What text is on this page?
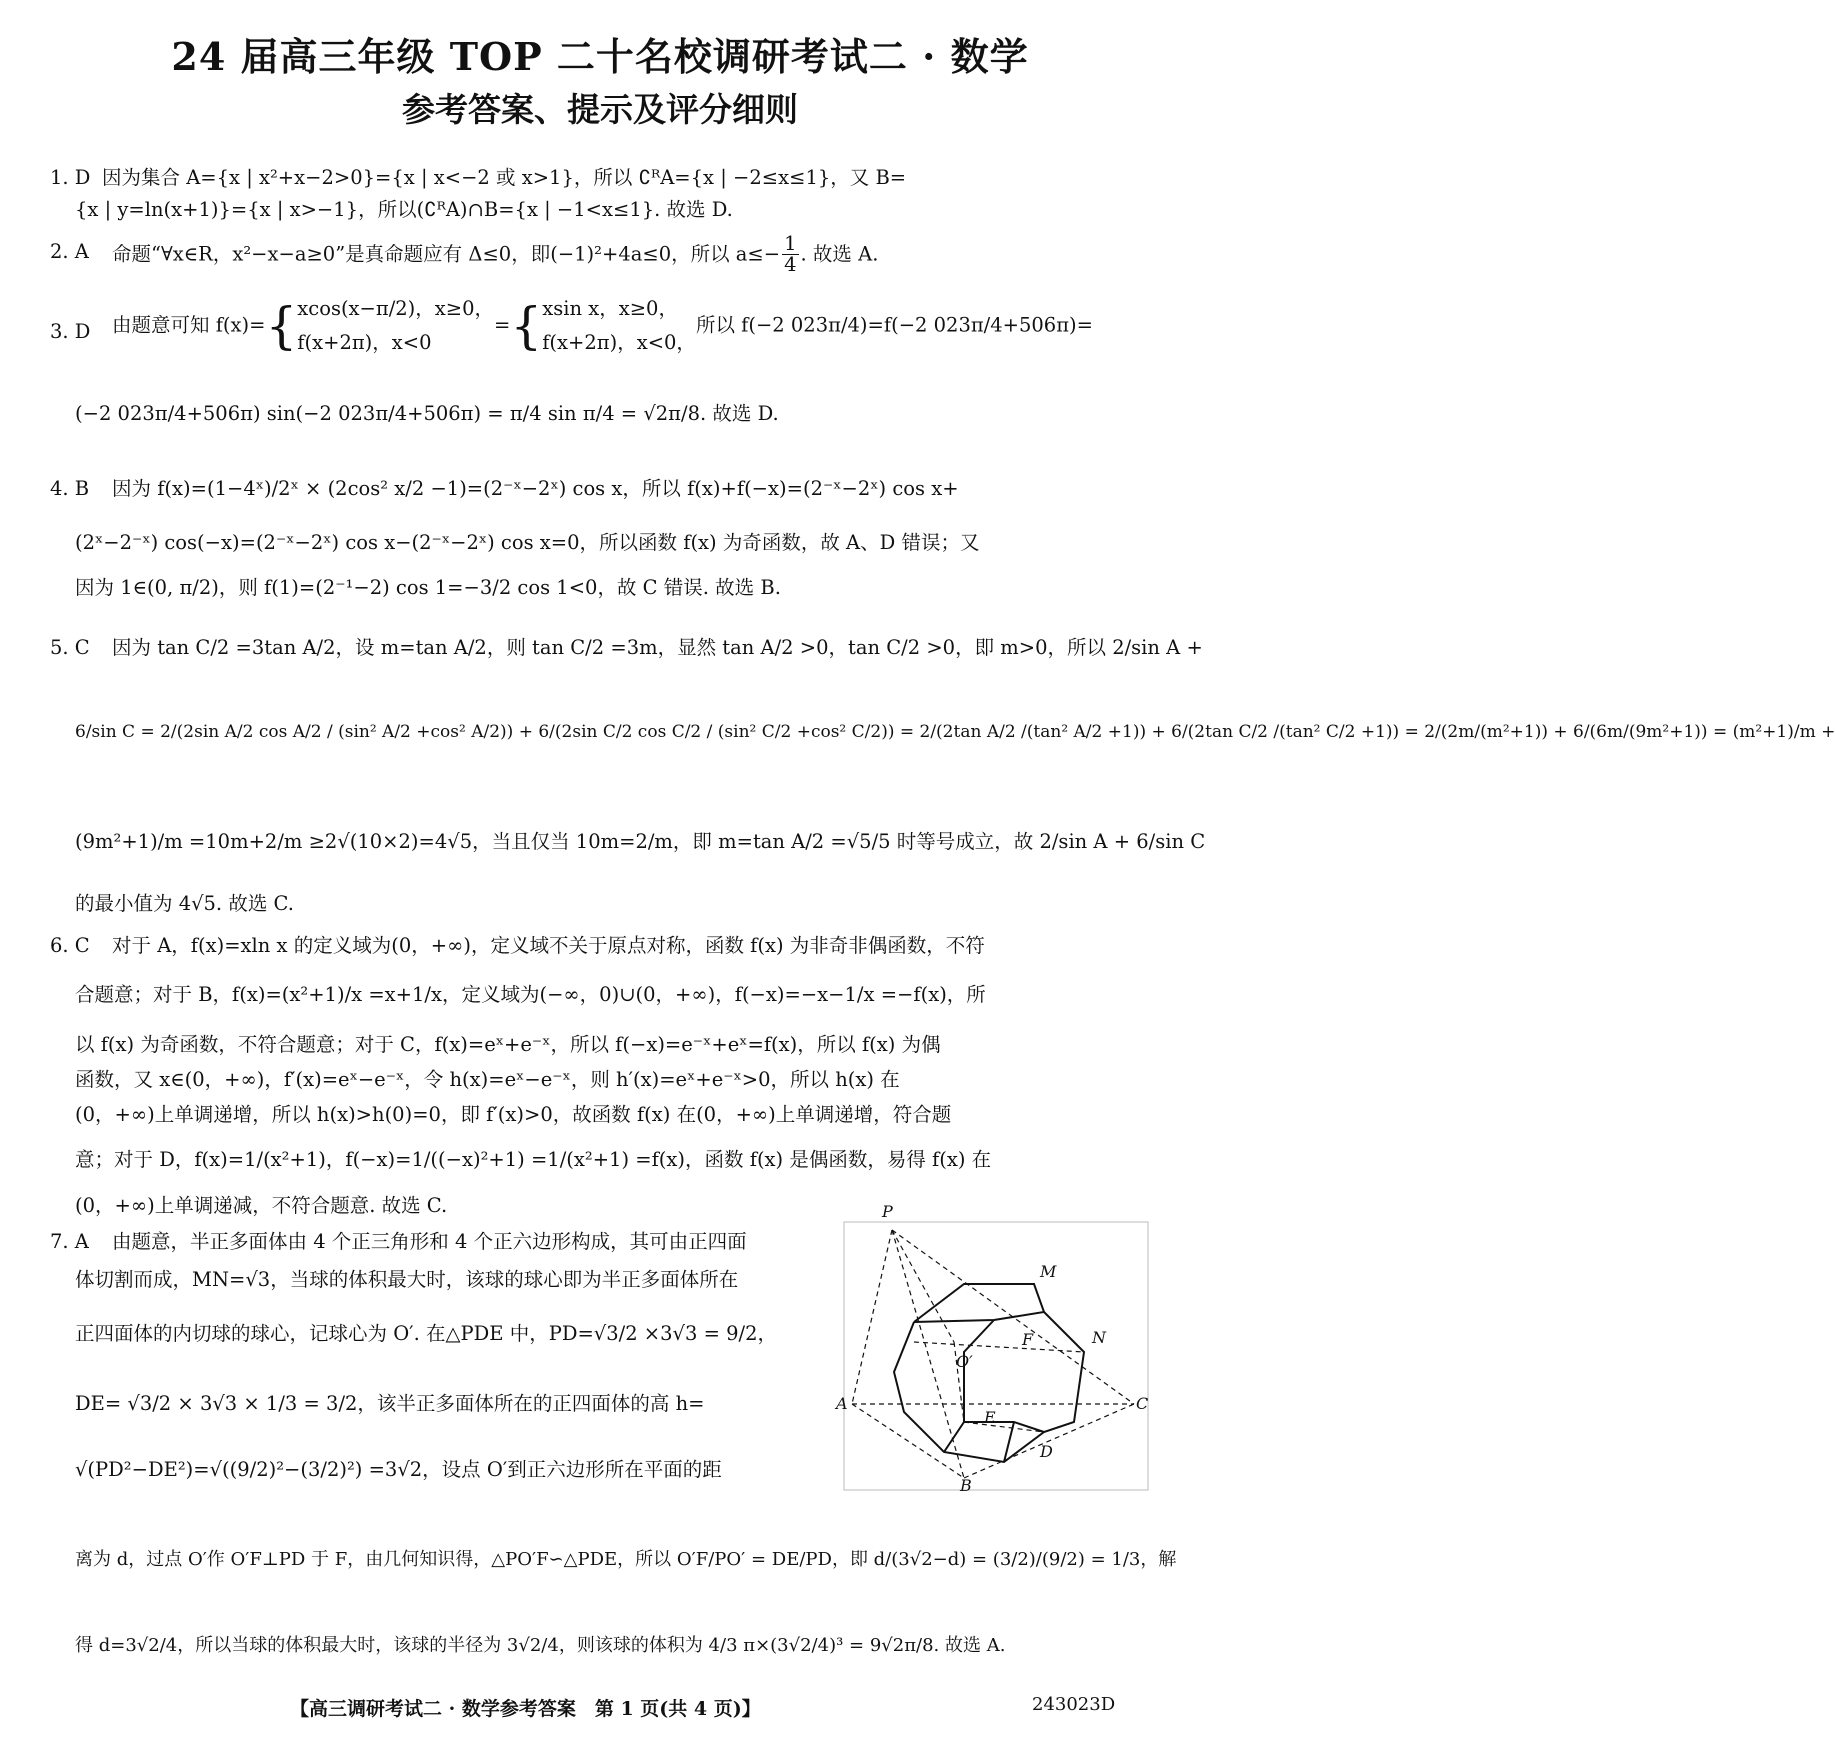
24 届高三年级 TOP 二十名校调研考试二 · 数学
参考答案、提示及评分细则
1. D 因为集合 A={x | x²+x−2>0}={x | x<−2 或 x>1}，所以 ∁ᴿA={x | −2≤x≤1}，又 B=
{x | y=ln(x+1)}={x | x>−1}，所以(∁ᴿA)∩B={x | −1<x≤1}. 故选 D.
2. A 命题“∀x∈R，x²−x−a≥0”是真命题应有 Δ≤0，即(−1)²+4a≤0，所以 $a\le- \frac{1}{4}$ . 故选 A.
3. D 由题意可知 f(x)={ xcos(x−π/2)，x≥0，
f(x+2π)，x<0
={ xsin x，x≥0，
f(x+2π)，x<0，
所以 f(−2 023π/4)=f(−2 023π/4+506π)=
(−2 023π/4+506π) sin(−2 023π/4+506π) = π/4 sin π/4 = √2π/8. 故选 D.
4. B 因为 f(x)=(1−4ˣ)/2ˣ × (2cos² x/2 −1)=(2⁻ˣ−2ˣ) cos x，所以 f(x)+f(−x)=(2⁻ˣ−2ˣ) cos x+
(2ˣ−2⁻ˣ) cos(−x)=(2⁻ˣ−2ˣ) cos x−(2⁻ˣ−2ˣ) cos x=0，所以函数 f(x) 为奇函数，故 A、D 错误；又
因为 1∈(0, π/2)，则 f(1)=(2⁻¹−2) cos 1=−3/2 cos 1<0，故 C 错误. 故选 B.
5. C 因为 tan C/2 =3tan A/2，设 m=tan A/2，则 tan C/2 =3m，显然 tan A/2 >0，tan C/2 >0，即 m>0，所以 2/sin A +
6/sin C = 2/(2sin A/2 cos A/2 / (sin² A/2 +cos² A/2)) + 6/(2sin C/2 cos C/2 / (sin² C/2 +cos² C/2)) = 2/(2tan A/2 /(tan² A/2 +1)) + 6/(2tan C/2 /(tan² C/2 +1)) = 2/(2m/(m²+1)) + 6/(6m/(9m²+1)) = (m²+1)/m +
(9m²+1)/m =10m+2/m ≥2√(10×2)=4√5，当且仅当 10m=2/m，即 m=tan A/2 =√5/5 时等号成立，故 2/sin A + 6/sin C
的最小值为 4√5. 故选 C.
6. C 对于 A，f(x)=xln x 的定义域为(0，+∞)，定义域不关于原点对称，函数 f(x) 为非奇非偶函数，不符
合题意；对于 B，f(x)=(x²+1)/x =x+1/x，定义域为(−∞，0)∪(0，+∞)，f(−x)=−x−1/x =−f(x)，所
以 f(x) 为奇函数，不符合题意；对于 C，f(x)=eˣ+e⁻ˣ，所以 f(−x)=e⁻ˣ+eˣ=f(x)，所以 f(x) 为偶
函数，又 x∈(0，+∞)，f′(x)=eˣ−e⁻ˣ，令 h(x)=eˣ−e⁻ˣ，则 h′(x)=eˣ+e⁻ˣ>0，所以 h(x) 在
(0，+∞)上单调递增，所以 h(x)>h(0)=0，即 f′(x)>0，故函数 f(x) 在(0，+∞)上单调递增，符合题
意；对于 D，f(x)=1/(x²+1)，f(−x)=1/((−x)²+1) =1/(x²+1) =f(x)，函数 f(x) 是偶函数，易得 f(x) 在
(0，+∞)上单调递减，不符合题意. 故选 C.
7. A 由题意，半正多面体由 4 个正三角形和 4 个正六边形构成，其可由正四面
体切割而成，MN=√3，当球的体积最大时，该球的球心即为半正多面体所在
正四面体的内切球的球心，记球心为 O′. 在△PDE 中，PD=√3/2 ×3√3 = 9/2，
DE= √3/2 × 3√3 × 1/3 = 3/2，该半正多面体所在的正四面体的高 h=
√(PD²−DE²)=√((9/2)²−(3/2)²) =3√2，设点 O′到正六边形所在平面的距
离为 d，过点 O′作 O′F⊥PD 于 F，由几何知识得，△PO′F∽△PDE，所以 O′F/PO′ = DE/PD，即 d/(3√2−d) = (3/2)/(9/2) = 1/3，解
得 d=3√2/4，所以当球的体积最大时，该球的半径为 3√2/4，则该球的体积为 4/3 π×(3√2/4)³ = 9√2π/8. 故选 A.
P
M
N
F
O′
A
E
C
D
B
【高三调研考试二 · 数学参考答案　第 1 页(共 4 页)】	243023D
